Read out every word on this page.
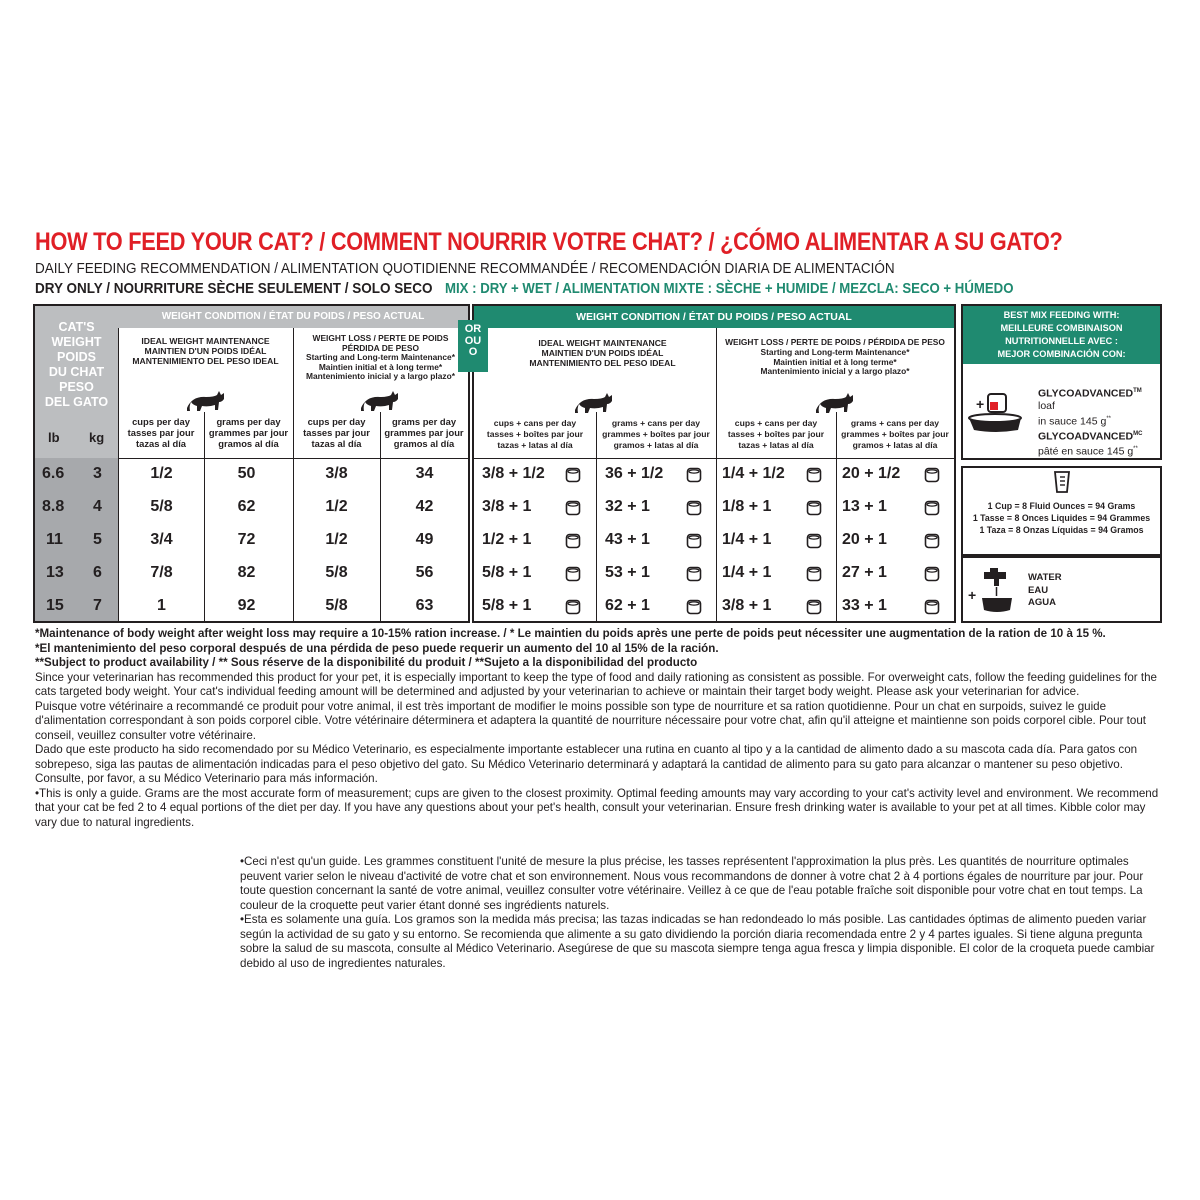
HOW TO FEED YOUR CAT? / COMMENT NOURRIR VOTRE CHAT? / ¿CÓMO ALIMENTAR A SU GATO?
DAILY FEEDING RECOMMENDATION / ALIMENTATION QUOTIDIENNE RECOMMANDÉE / RECOMENDACIÓN DIARIA DE ALIMENTACIÓN
DRY ONLY / NOURRITURE SÈCHE SEULEMENT / SOLO SECO MIX : DRY + WET / ALIMENTATION MIXTE : SÈCHE + HUMIDE / MEZCLA: SECO + HÚMEDO
WEIGHT CONDITION / ÉTAT DU POIDS / PESO ACTUAL
CAT'S
WEIGHT
POIDS
DU CHAT
PESO
DEL GATO
lb kg
IDEAL WEIGHT MAINTENANCE
MAINTIEN D'UN POIDS IDÉAL
MANTENIMIENTO DEL PESO IDEAL
WEIGHT LOSS / PERTE DE POIDS
PÉRDIDA DE PESO
Starting and Long-term Maintenance*
Maintien initial et à long terme*
Mantenimiento inicial y a largo plazo*
cups per day
tasses par jour
tazas al día
grams per day
grammes par jour
gramos al día
cups per day
tasses par jour
tazas al día
grams per day
grammes par jour
gramos al día
6.6 3	1/2	50	3/8	34
8.8 4	5/8	62	1/2	42
11 5	3/4	72	1/2	49
13 6	7/8	82	5/8	56
15 7	1	92	5/8	63
WEIGHT CONDITION / ÉTAT DU POIDS / PESO ACTUAL
OR
OU
O
IDEAL WEIGHT MAINTENANCE
MAINTIEN D'UN POIDS IDÉAL
MANTENIMIENTO DEL PESO IDEAL
WEIGHT LOSS / PERTE DE POIDS / PÉRDIDA DE PESO
Starting and Long-term Maintenance*
Maintien initial et à long terme*
Mantenimiento inicial y a largo plazo*
cups + cans per day
tasses + boîtes par jour
tazas + latas al día
grams + cans per day
grammes + boîtes par jour
gramos + latas al día
cups + cans per day
tasses + boîtes par jour
tazas + latas al día
grams + cans per day
grammes + boîtes par jour
gramos + latas al día
3/8 + 1/2	36 + 1/2	1/4 + 1/2	20 + 1/2
3/8 + 1	32 + 1	1/8 + 1	13 + 1
1/2 + 1	43 + 1	1/4 + 1	20 + 1
5/8 + 1	53 + 1	1/4 + 1	27 + 1
5/8 + 1	62 + 1	3/8 + 1	33 + 1
BEST MIX FEEDING WITH:
MEILLEURE COMBINAISON
NUTRITIONNELLE AVEC :
MEJOR COMBINACIÓN CON:
+
GLYCOADVANCED™ loaf
in sauce 145 g**
$GLYCOADVANCED^{MC}$
pâté en sauce 145 g**
1 Cup = 8 Fluid Ounces = 94 Grams
1 Tasse = 8 Onces Liquides = 94 Grammes
1 Taza = 8 Onzas Líquidas = 94 Gramos
+
WATER
EAU
AGUA

*Maintenance of body weight after weight loss may require a 10-15% ration increase. / * Le maintien du poids après une perte de poids peut nécessiter une augmentation de la ration de 10 à 15 %.

*El mantenimiento del peso corporal después de una pérdida de peso puede requerir un aumento del 10 al 15% de la ración.

**Subject to product availability / ** Sous réserve de la disponibilité du produit / **Sujeto a la disponibilidad del producto

Since your veterinarian has recommended this product for your pet, it is especially important to keep the type of food and daily rationing as consistent as possible. For overweight cats, follow the feeding guidelines for the cats targeted body weight. Your cat's individual feeding amount will be determined and adjusted by your veterinarian to achieve or maintain their target body weight. Please ask your veterinarian for advice.

Puisque votre vétérinaire a recommandé ce produit pour votre animal, il est très important de modifier le moins possible son type de nourriture et sa ration quotidienne. Pour un chat en surpoids, suivez le guide d'alimentation correspondant à son poids corporel cible. Votre vétérinaire déterminera et adaptera la quantité de nourriture nécessaire pour votre chat, afin qu'il atteigne et maintienne son poids corporel cible. Pour tout conseil, veuillez consulter votre vétérinaire.

Dado que este producto ha sido recomendado por su Médico Veterinario, es especialmente importante establecer una rutina en cuanto al tipo y a la cantidad de alimento dado a su mascota cada día. Para gatos con sobrepeso, siga las pautas de alimentación indicadas para el peso objetivo del gato. Su Médico Veterinario determinará y adaptará la cantidad de alimento para su gato para alcanzar o mantener su peso objetivo. Consulte, por favor, a su Médico Veterinario para más información.

•This is only a guide. Grams are the most accurate form of measurement; cups are given to the closest proximity. Optimal feeding amounts may vary according to your cat's activity level and environment. We recommend that your cat be fed 2 to 4 equal portions of the diet per day. If you have any questions about your pet's health, consult your veterinarian. Ensure fresh drinking water is available to your pet at all times. Kibble color may vary due to natural ingredients.

•Ceci n'est qu'un guide. Les grammes constituent l'unité de mesure la plus précise, les tasses représentent l'approximation la plus près. Les quantités de nourriture optimales peuvent varier selon le niveau d'activité de votre chat et son environnement. Nous vous recommandons de donner à votre chat 2 à 4 portions égales de nourriture par jour. Pour toute question concernant la santé de votre animal, veuillez consulter votre vétérinaire. Veillez à ce que de l'eau potable fraîche soit disponible pour votre chat en tout temps. La couleur de la croquette peut varier étant donné ses ingrédients naturels.

•Esta es solamente una guía. Los gramos son la medida más precisa; las tazas indicadas se han redondeado lo más posible. Las cantidades óptimas de alimento pueden variar según la actividad de su gato y su entorno. Se recomienda que alimente a su gato dividiendo la porción diaria recomendada entre 2 y 4 partes iguales. Si tiene alguna pregunta sobre la salud de su mascota, consulte al Médico Veterinario. Asegúrese de que su mascota siempre tenga agua fresca y limpia disponible. El color de la croqueta puede cambiar debido al uso de ingredientes naturales.
